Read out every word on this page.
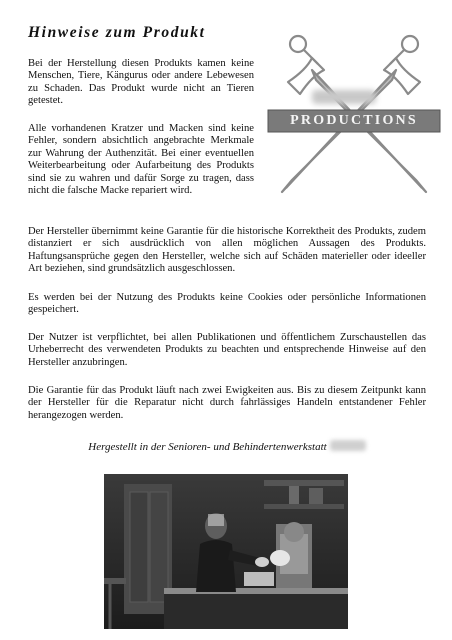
Hinweise zum Produkt

Bei der Herstellung diesen Produkts kamen keine Menschen, Tiere, Kängurus oder andere Lebewesen zu Schaden. Das Produkt wurde nicht an Tieren getestet.

Alle vorhandenen Kratzer und Macken sind keine Fehler, sondern absichtlich angebrachte Merkmale zur Wahrung der Authenzität. Bei einer eventuellen Weiterbearbeitung oder Aufarbeitung des Produkts sind sie zu wahren und dafür Sorge zu tragen, dass nicht die falsche Macke repariert wird.

PRODUCTIONS

Der Hersteller übernimmt keine Garantie für die historische Korrektheit des Produkts, zudem distanziert er sich ausdrücklich von allen möglichen Aussagen des Produkts. Haftungsansprüche gegen den Hersteller, welche sich auf Schäden materieller oder ideeller Art beziehen, sind grundsätzlich ausgeschlossen.

Es werden bei der Nutzung des Produkts keine Cookies oder persönliche Informationen gespeichert.

Der Nutzer ist verpflichtet, bei allen Publikationen und öffentlichem Zurschaustellen das Urheberrecht des verwendeten Produkts zu beachten und entsprechende Hinweise auf den Hersteller anzubringen.

Die Garantie für das Produkt läuft nach zwei Ewigkeiten aus. Bis zu diesem Zeitpunkt kann der Hersteller für die Reparatur nicht durch fahrlässiges Handeln entstandener Fehler herangezogen werden.

Hergestellt in der Senioren- und Behindertenwerkstatt
